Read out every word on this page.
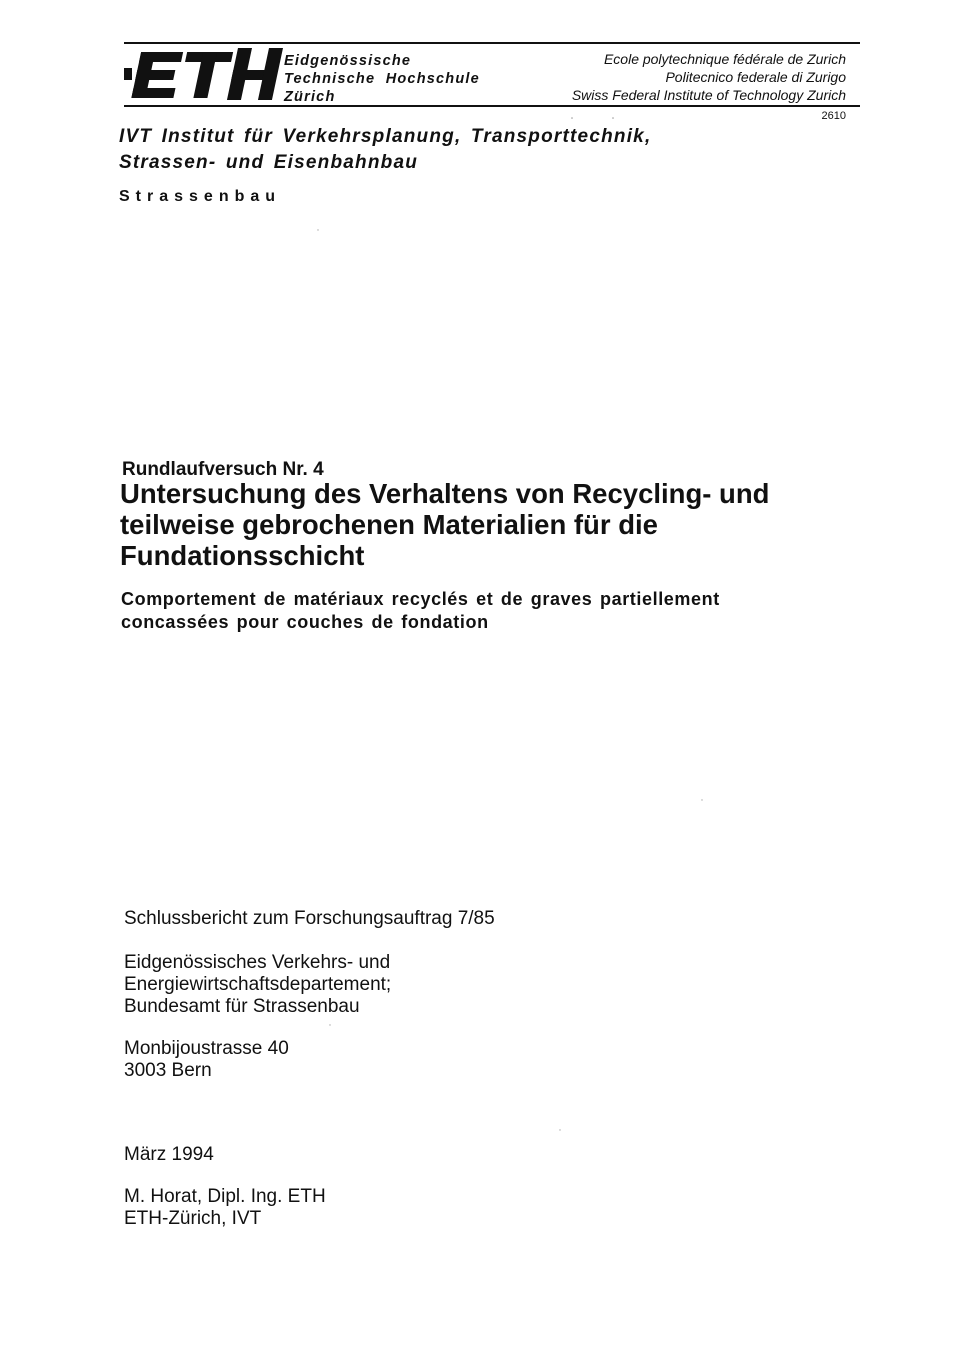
Eidgenössische
Technische  Hochschule
Zürich
Ecole polytechnique fédérale de Zurich
Politecnico federale di Zurigo
Swiss Federal Institute of Technology Zurich
2610
IVT Institut für Verkehrsplanung, Transporttechnik,
Strassen- und Eisenbahnbau
Strassenbau
Rundlaufversuch Nr. 4
Untersuchung des Verhaltens von Recycling- und
teilweise gebrochenen Materialien für die
Fundationsschicht
Comportement de matériaux recyclés et de graves partiellement
concassées pour couches de fondation
Schlussbericht zum Forschungsauftrag 7/85
Eidgenössisches Verkehrs- und
Energiewirtschaftsdepartement;
Bundesamt für Strassenbau
Monbijoustrasse 40
3003 Bern
März 1994
M. Horat, Dipl. Ing. ETH
ETH-Zürich, IVT
